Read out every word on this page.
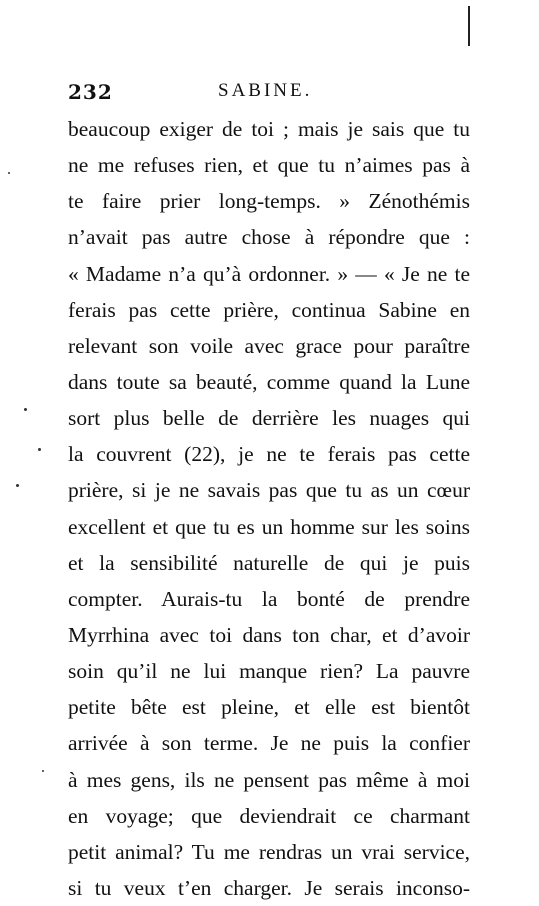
232	SABINE.
beaucoup exiger de toi ; mais je sais que tu
ne me refuses rien, et que tu n’aimes pas à
te faire prier long-temps. » Zénothémis
n’avait pas autre chose à répondre que :
« Madame n’a qu’à ordonner. » — « Je ne te
ferais pas cette prière, continua Sabine en
relevant son voile avec grace pour paraître
dans toute sa beauté, comme quand la Lune
sort plus belle de derrière les nuages qui
la couvrent (22), je ne te ferais pas cette
prière, si je ne savais pas que tu as un cœur
excellent et que tu es un homme sur les soins
et la sensibilité naturelle de qui je puis
compter. Aurais-tu la bonté de prendre
Myrrhina avec toi dans ton char, et d’avoir
soin qu’il ne lui manque rien? La pauvre
petite bête est pleine, et elle est bientôt
arrivée à son terme. Je ne puis la confier
à mes gens, ils ne pensent pas même à moi
en voyage; que deviendrait ce charmant
petit animal? Tu me rendras un vrai service,
si tu veux t’en charger. Je serais inconso-
